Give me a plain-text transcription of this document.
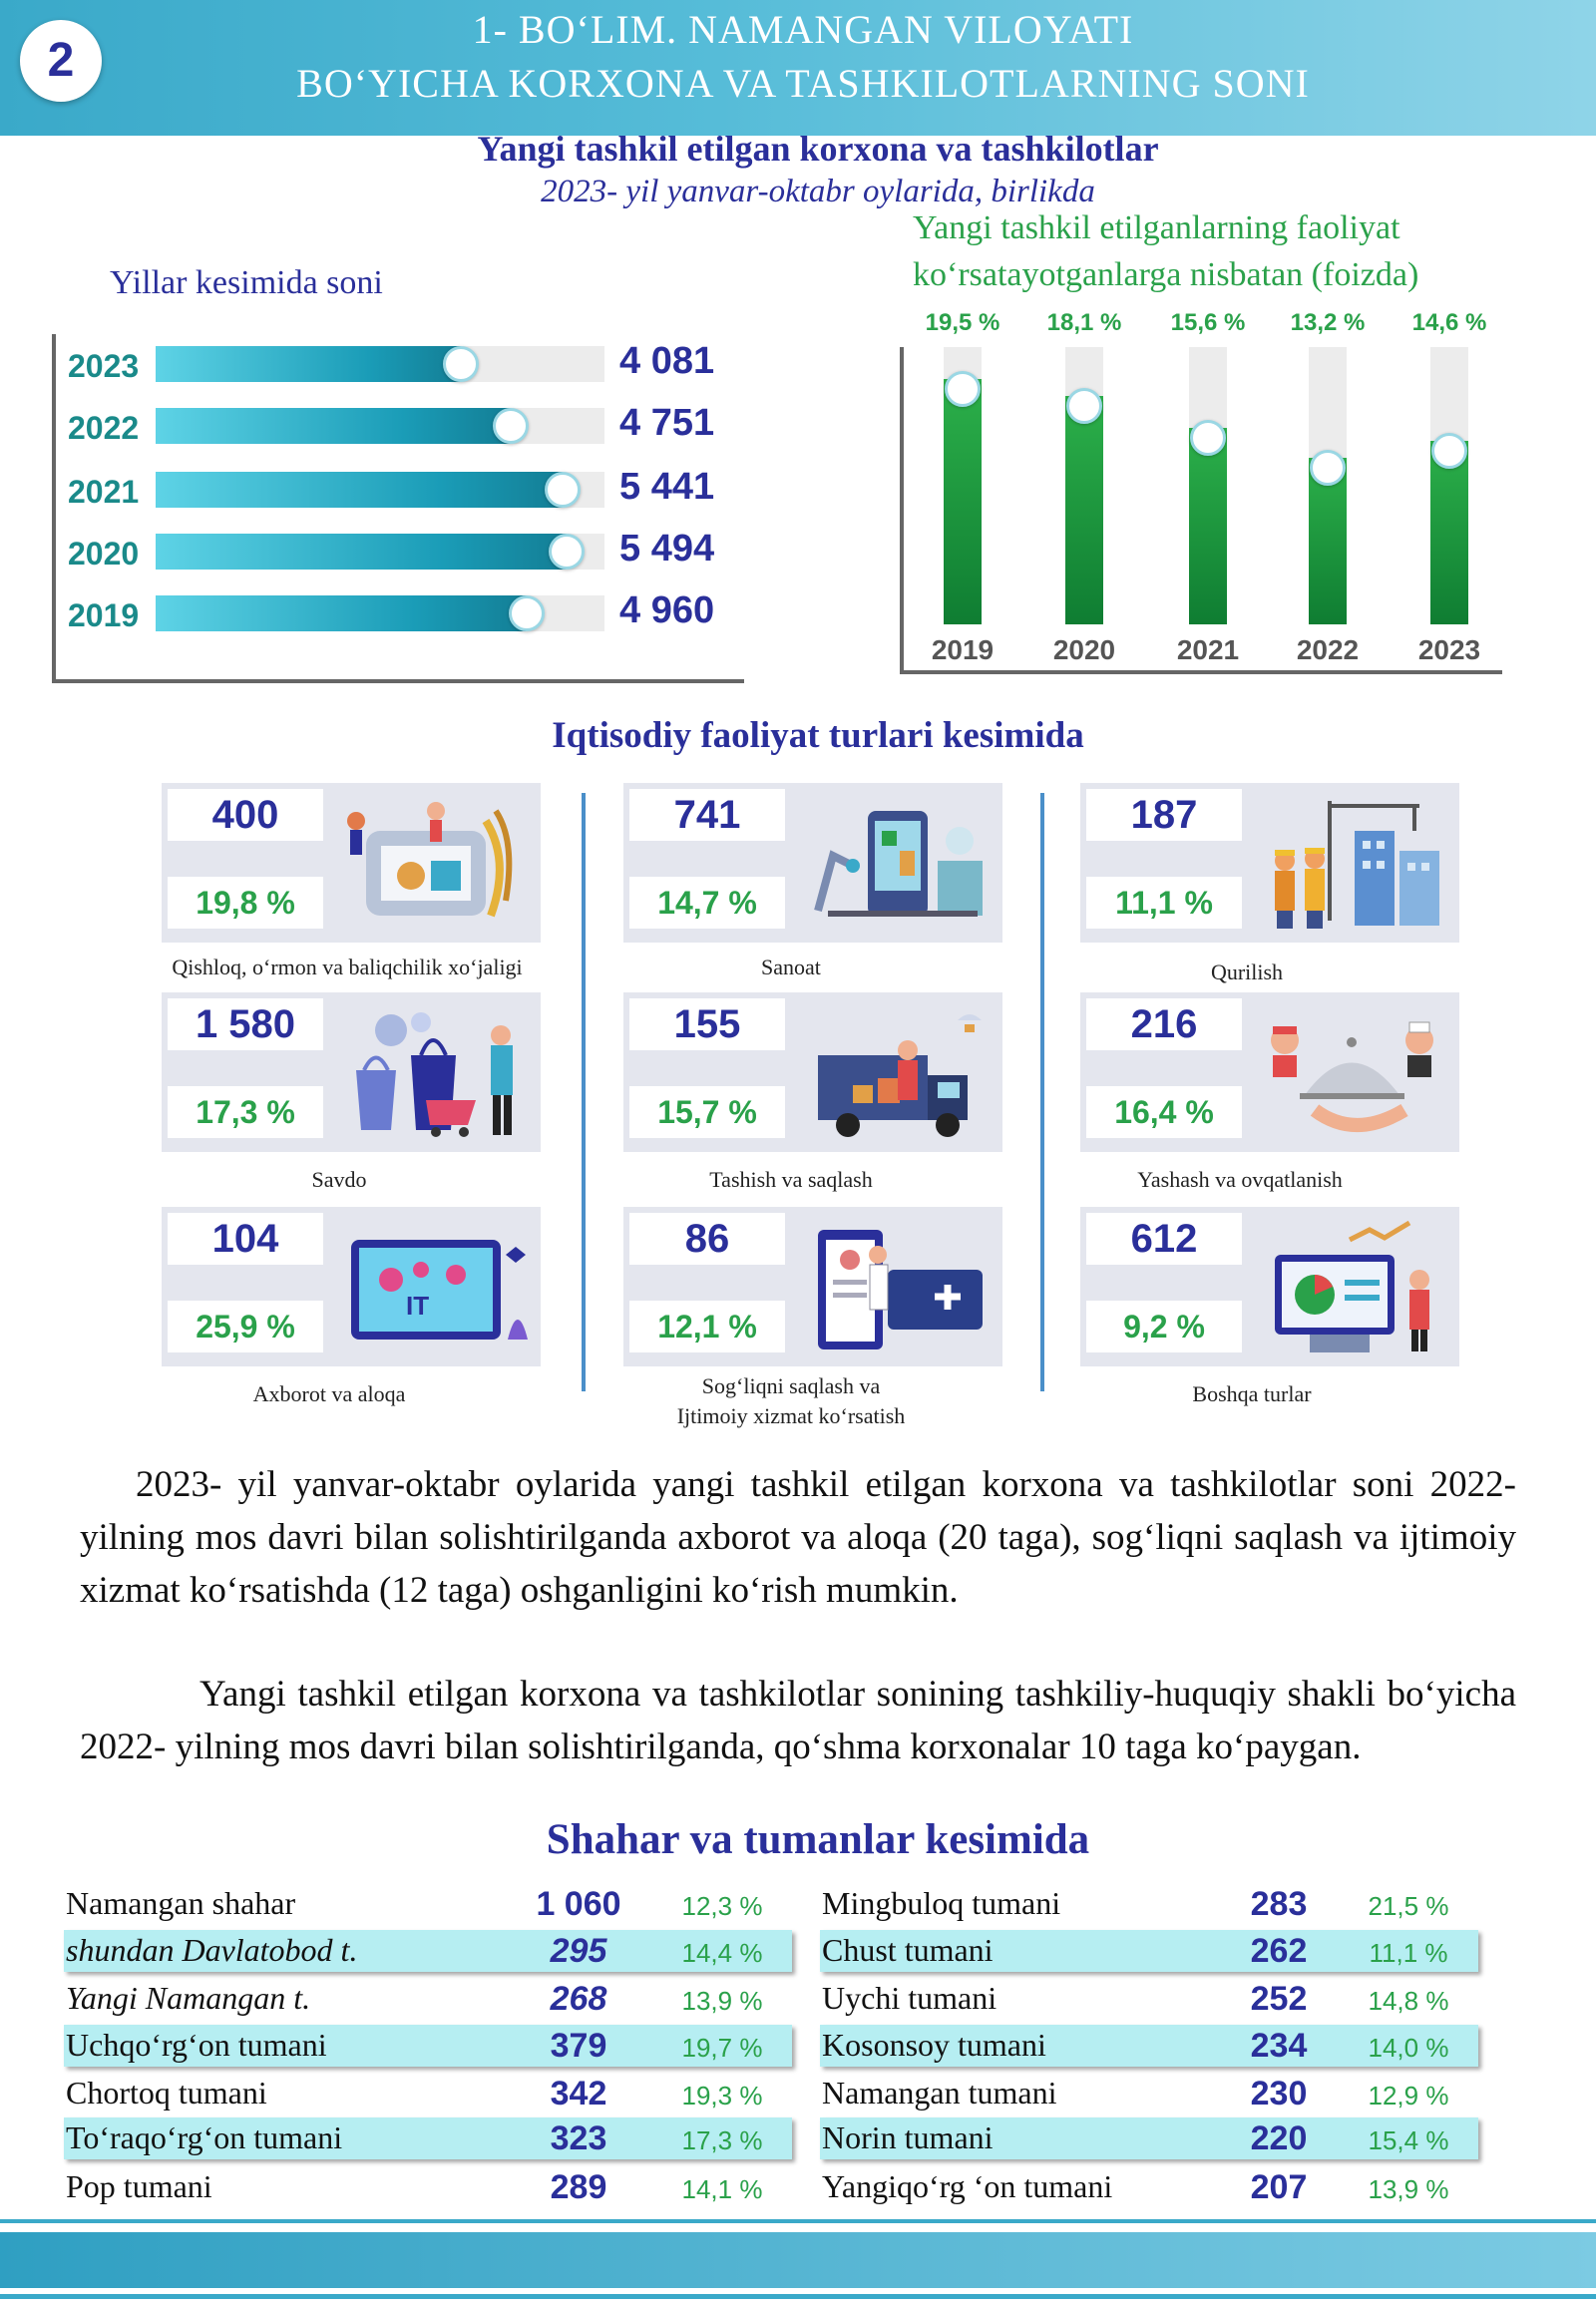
2
1- BO‘LIM. NAMANGAN VILOYATI
BO‘YICHA KORXONA VA TASHKILOTLARNING SONI
Yangi tashkil etilgan korxona va tashkilotlar
2023- yil yanvar-oktabr oylarida, birlikda
Yillar kesimida soni
2023	4 081
2022	4 751
2021	5 441
2020	5 494
2019	4 960
Yangi tashkil etilganlarning faoliyat
ko‘rsatayotganlarga nisbatan (foizda)
2019
19,5 %
2020
18,1 %
2021
15,6 %
2022
13,2 %
2023
14,6 %
Iqtisodiy faoliyat turlari kesimida
400
19,8 %
Qishloq, o‘rmon va baliqchilik xo‘jaligi
741
14,7 %
Sanoat
187
11,1 %
Qurilish
1 580
17,3 %
Savdo
155
15,7 %
Tashish va saqlash
216
16,4 %
Yashash va ovqatlanish
104
25,9 %
IT
Axborot va aloqa
86
12,1 %
Sog‘liqni saqlash va
Ijtimoiy xizmat ko‘rsatish
612
9,2 %
Boshqa turlar
2023- yil yanvar-oktabr oylarida yangi tashkil etilgan korxona va tashkilotlar soni 2022- yilning mos davri bilan solishtirilganda axborot va aloqa (20 taga), sog‘liqni saqlash va ijtimoiy xizmat ko‘rsatishda (12 taga) oshganligini ko‘rish mumkin.
Yangi tashkil etilgan korxona va tashkilotlar sonining tashkiliy-huquqiy shakli bo‘yicha 2022- yilning mos davri bilan solishtirilganda, qo‘shma korxonalar 10 taga ko‘paygan.
Shahar va tumanlar kesimida
Namangan shahar	1 060	12,3 %
shundan Davlatobod t.	295	14,4 %
Yangi Namangan t.	268	13,9 %
Uchqo‘rg‘on tumani	379	19,7 %
Chortoq tumani	342	19,3 %
To‘raqo‘rg‘on tumani	323	17,3 %
Pop tumani	289	14,1 %
Mingbuloq tumani	283	21,5 %
Chust tumani	262	11,1 %
Uychi tumani	252	14,8 %
Kosonsoy tumani	234	14,0 %
Namangan tumani	230	12,9 %
Norin tumani	220	15,4 %
Yangiqo‘rg ‘on tumani	207	13,9 %
